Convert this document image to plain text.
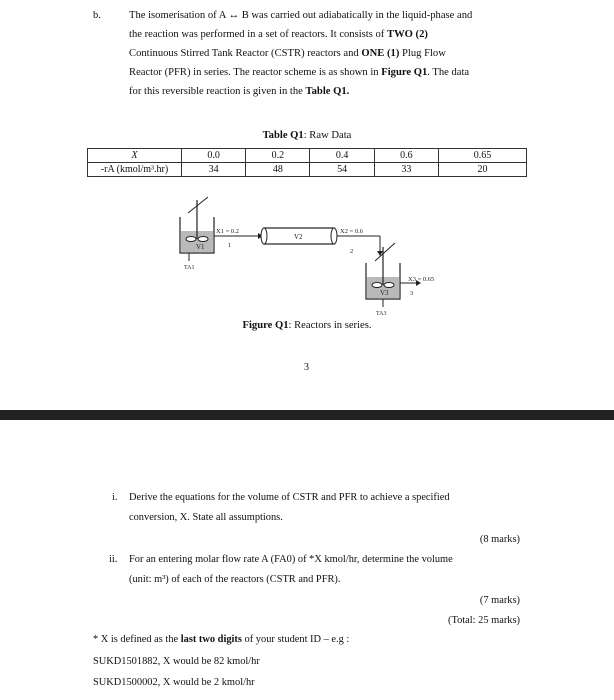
b.	The isomerisation of A ↔ B was carried out adiabatically in the liquid-phase and
the reaction was performed in a set of reactors. It consists of TWO (2)
Continuous Stirred Tank Reactor (CSTR) reactors and ONE (1) Plug Flow
Reactor (PFR) in series. The reactor scheme is as shown in Figure Q1. The data
for this reversible reaction is given in the Table Q1.
Table Q1: Raw Data
X	0.0	0.2	0.4	0.6	0.65
-rA (kmol/m³.hr)	34	48	54	33	20
V1
TA1
X1 = 0.2
1
V2
X2 = 0.6
2
V3
TA3
X3 = 0.65
3
Figure Q1: Reactors in series.
3
i. Derive the equations for the volume of CSTR and PFR to achieve a specified
conversion, X. State all assumptions.
(8 marks)
ii. For an entering molar flow rate A (FA0) of *X kmol/hr, determine the volume
(unit: m³) of each of the reactors (CSTR and PFR).
(7 marks)
(Total: 25 marks)
* X is defined as the last two digits of your student ID – e.g :
SUKD1501882, X would be 82 kmol/hr
SUKD1500002, X would be 2 kmol/hr
